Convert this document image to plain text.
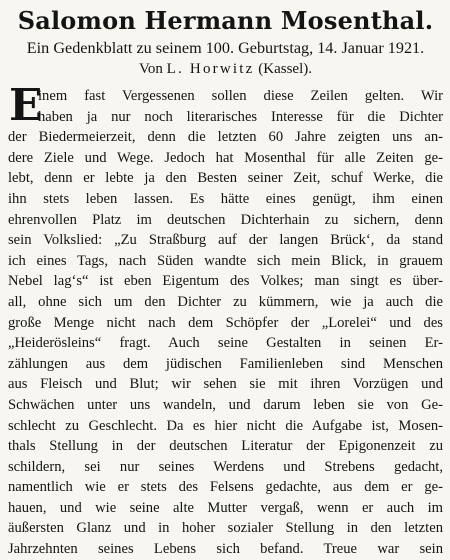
Salomon Hermann Mosenthal.

Ein Gedenkblatt zu seinem 100. Geburtstag, 14. Januar 1921.

Von L. Horwitz (Kassel).

E
inem fast Vergessenen sollen diese Zeilen gelten. Wir
haben ja nur noch literarisches Interesse für die Dichter
der Biedermeierzeit, denn die letzten 60 Jahre zeigten uns an-
dere Ziele und Wege. Jedoch hat Mosenthal für alle Zeiten ge-
lebt, denn er lebte ja den Besten seiner Zeit, schuf Werke, die
ihn stets leben lassen. Es hätte eines genügt, ihm einen
ehrenvollen Platz im deutschen Dichterhain zu sichern, denn
sein Volkslied: „Zu Straßburg auf der langen Brück‘, da stand
ich eines Tags, nach Süden wandte sich mein Blick, in grauem
Nebel lag‘s“ ist eben Eigentum des Volkes; man singt es über-
all, ohne sich um den Dichter zu kümmern, wie ja auch die
große Menge nicht nach dem Schöpfer der „Lorelei“ und des
„Heiderösleins“ fragt. Auch seine Gestalten in seinen Er-
zählungen aus dem jüdischen Familienleben sind Menschen
aus Fleisch und Blut; wir sehen sie mit ihren Vorzügen und
Schwächen unter uns wandeln, und darum leben sie von Ge-
schlecht zu Geschlecht. Da es hier nicht die Aufgabe ist, Mosen-
thals Stellung in der deutschen Literatur der Epigonenzeit zu
schildern, sei nur seines Werdens und Strebens gedacht,
namentlich wie er stets des Felsens gedachte, aus dem er ge-
hauen, und wie seine alte Mutter vergaß, wenn er auch im
äußersten Glanz und in hoher sozialer Stellung in den letzten
Jahrzehnten seines Lebens sich befand. Treue war sein
